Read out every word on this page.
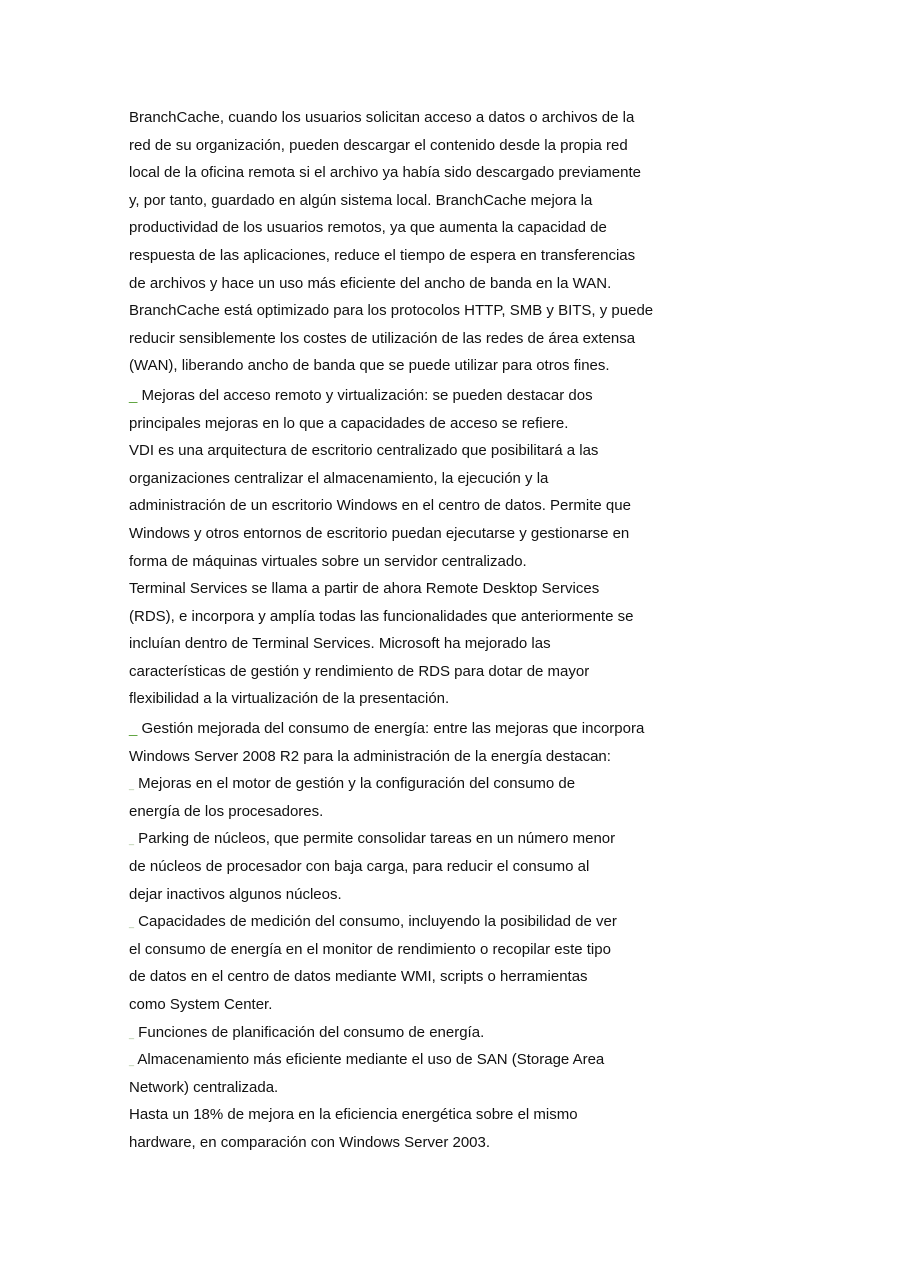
BranchCache, cuando los usuarios solicitan acceso a datos o archivos de la
red de su organización, pueden descargar el contenido desde la propia red
local de la oficina remota si el archivo ya había sido descargado previamente
y, por tanto, guardado en algún sistema local. BranchCache mejora la
productividad de los usuarios remotos, ya que aumenta la capacidad de
respuesta de las aplicaciones, reduce el tiempo de espera en transferencias
de archivos y hace un uso más eficiente del ancho de banda en la WAN.
BranchCache está optimizado para los protocolos HTTP, SMB y BITS, y puede
reducir sensiblemente los costes de utilización de las redes de área extensa
(WAN), liberando ancho de banda que se puede utilizar para otros fines.
_ Mejoras del acceso remoto y virtualización: se pueden destacar dos
principales mejoras en lo que a capacidades de acceso se refiere.
VDI es una arquitectura de escritorio centralizado que posibilitará a las
organizaciones centralizar el almacenamiento, la ejecución y la
administración de un escritorio Windows en el centro de datos. Permite que
Windows y otros entornos de escritorio puedan ejecutarse y gestionarse en
forma de máquinas virtuales sobre un servidor centralizado.
Terminal Services se llama a partir de ahora Remote Desktop Services
(RDS), e incorpora y amplía todas las funcionalidades que anteriormente se
incluían dentro de Terminal Services. Microsoft ha mejorado las
características de gestión y rendimiento de RDS para dotar de mayor
flexibilidad a la virtualización de la presentación.
_ Gestión mejorada del consumo de energía: entre las mejoras que incorpora
Windows Server 2008 R2 para la administración de la energía destacan:
_ Mejoras en el motor de gestión y la configuración del consumo de
energía de los procesadores.
_ Parking de núcleos, que permite consolidar tareas en un número menor
de núcleos de procesador con baja carga, para reducir el consumo al
dejar inactivos algunos núcleos.
_ Capacidades de medición del consumo, incluyendo la posibilidad de ver
el consumo de energía en el monitor de rendimiento o recopilar este tipo
de datos en el centro de datos mediante WMI, scripts o herramientas
como System Center.
_ Funciones de planificación del consumo de energía.
_ Almacenamiento más eficiente mediante el uso de SAN (Storage Area
Network) centralizada.
Hasta un 18% de mejora en la eficiencia energética sobre el mismo
hardware, en comparación con Windows Server 2003.
